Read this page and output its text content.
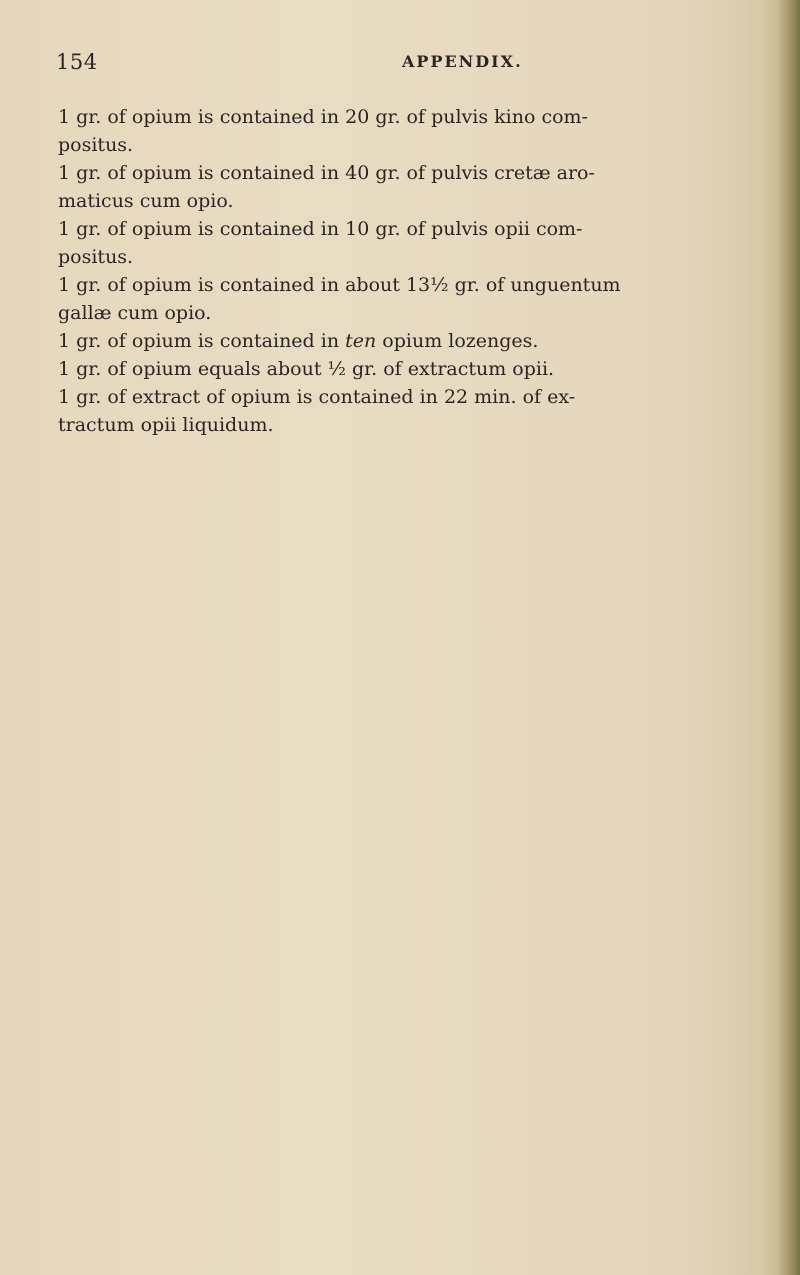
154	APPENDIX.

1 gr. of opium is contained in 20 gr. of pulvis kino com-
positus.

1 gr. of opium is contained in 40 gr. of pulvis cretæ aro-
maticus cum opio.

1 gr. of opium is contained in 10 gr. of pulvis opii com-
positus.

1 gr. of opium is contained in about 13½ gr. of unguentum
gallæ cum opio.

1 gr. of opium is contained in ten opium lozenges.

1 gr. of opium equals about ½ gr. of extractum opii.

1 gr. of extract of opium is contained in 22 min. of ex-
tractum opii liquidum.
